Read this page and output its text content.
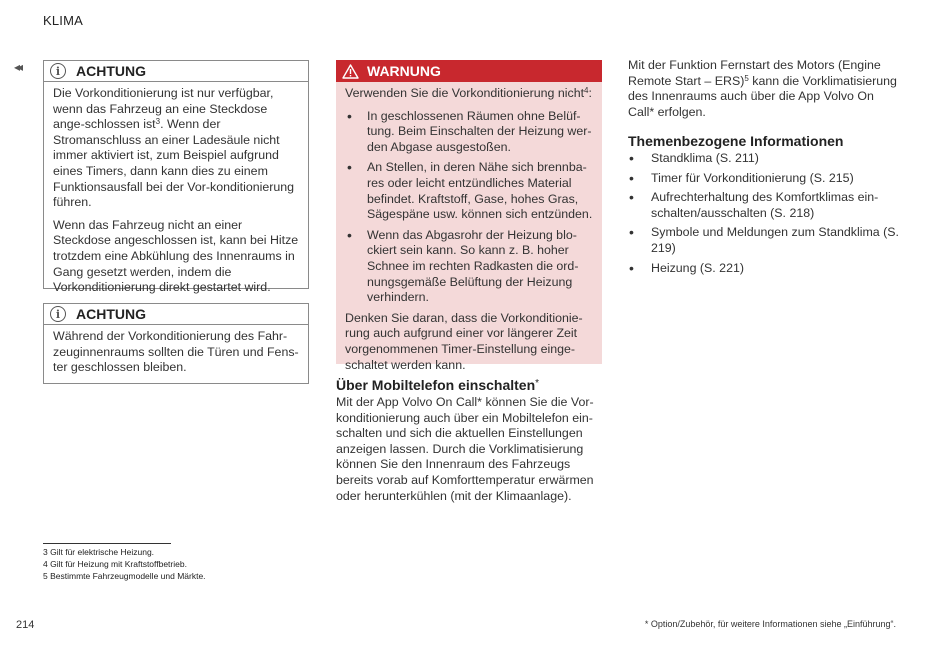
KLIMA
◂◂	i	ACHTUNG

Die Vorkonditionierung ist nur verfügbar, wenn das Fahrzeug an eine Steckdose ange-schlossen ist$^3$. Wenn der Stromanschluss an einer Ladesäule nicht immer aktiviert ist, zum Beispiel aufgrund eines Timers, dann kann dies zu einem Funktionsausfall bei der Vor-konditionierung führen.

Wenn das Fahrzeug nicht an einer Steckdose angeschlossen ist, kann bei Hitze trotzdem eine Abkühlung des Innenraums in Gang gesetzt werden, indem die Vorkonditionierung direkt gestartet wird.

i	ACHTUNG

Während der Vorkonditionierung des Fahr-zeuginnenraums sollten die Türen und Fens-ter geschlossen bleiben.

WARNUNG

Verwenden Sie die Vorkonditionierung nicht$^4$:

• In geschlossenen Räumen ohne Belüf-tung. Beim Einschalten der Heizung wer-den Abgase ausgestoßen.
• An Stellen, in deren Nähe sich brennba-res oder leicht entzündliches Material befindet. Kraftstoff, Gase, hohes Gras, Sägespäne usw. können sich entzünden.
• Wenn das Abgasrohr der Heizung blo-ckiert sein kann. So kann z. B. hoher Schnee im rechten Radkasten die ord-nungsgemäße Belüftung der Heizung verhindern.

Denken Sie daran, dass die Vorkonditionie-rung auch aufgrund einer vor längerer Zeit vorgenommenen Timer-Einstellung einge-schaltet werden kann.

Über Mobiltelefon einschalten*

Mit der App Volvo On Call* können Sie die Vor-konditionierung auch über ein Mobiltelefon ein-schalten und sich die aktuellen Einstellungen anzeigen lassen. Durch die Vorklimatisierung können Sie den Innenraum des Fahrzeugs bereits vorab auf Komforttemperatur erwärmen oder herunterkühlen (mit der Klimaanlage).

Mit der Funktion Fernstart des Motors (Engine Remote Start – ERS)$^5$ kann die Vorklimatisierung des Innenraums auch über die App Volvo On Call* erfolgen.

Themenbezogene Informationen
• Standklima (S. 211)
• Timer für Vorkonditionierung (S. 215)
• Aufrechterhaltung des Komfortklimas ein-schalten/ausschalten (S. 218)
• Symbole und Meldungen zum Standklima (S. 219)
• Heizung (S. 221)
3 Gilt für elektrische Heizung.
4 Gilt für Heizung mit Kraftstoffbetrieb.
5 Bestimmte Fahrzeugmodelle und Märkte.
214	* Option/Zubehör, für weitere Informationen siehe „Einführung“.
